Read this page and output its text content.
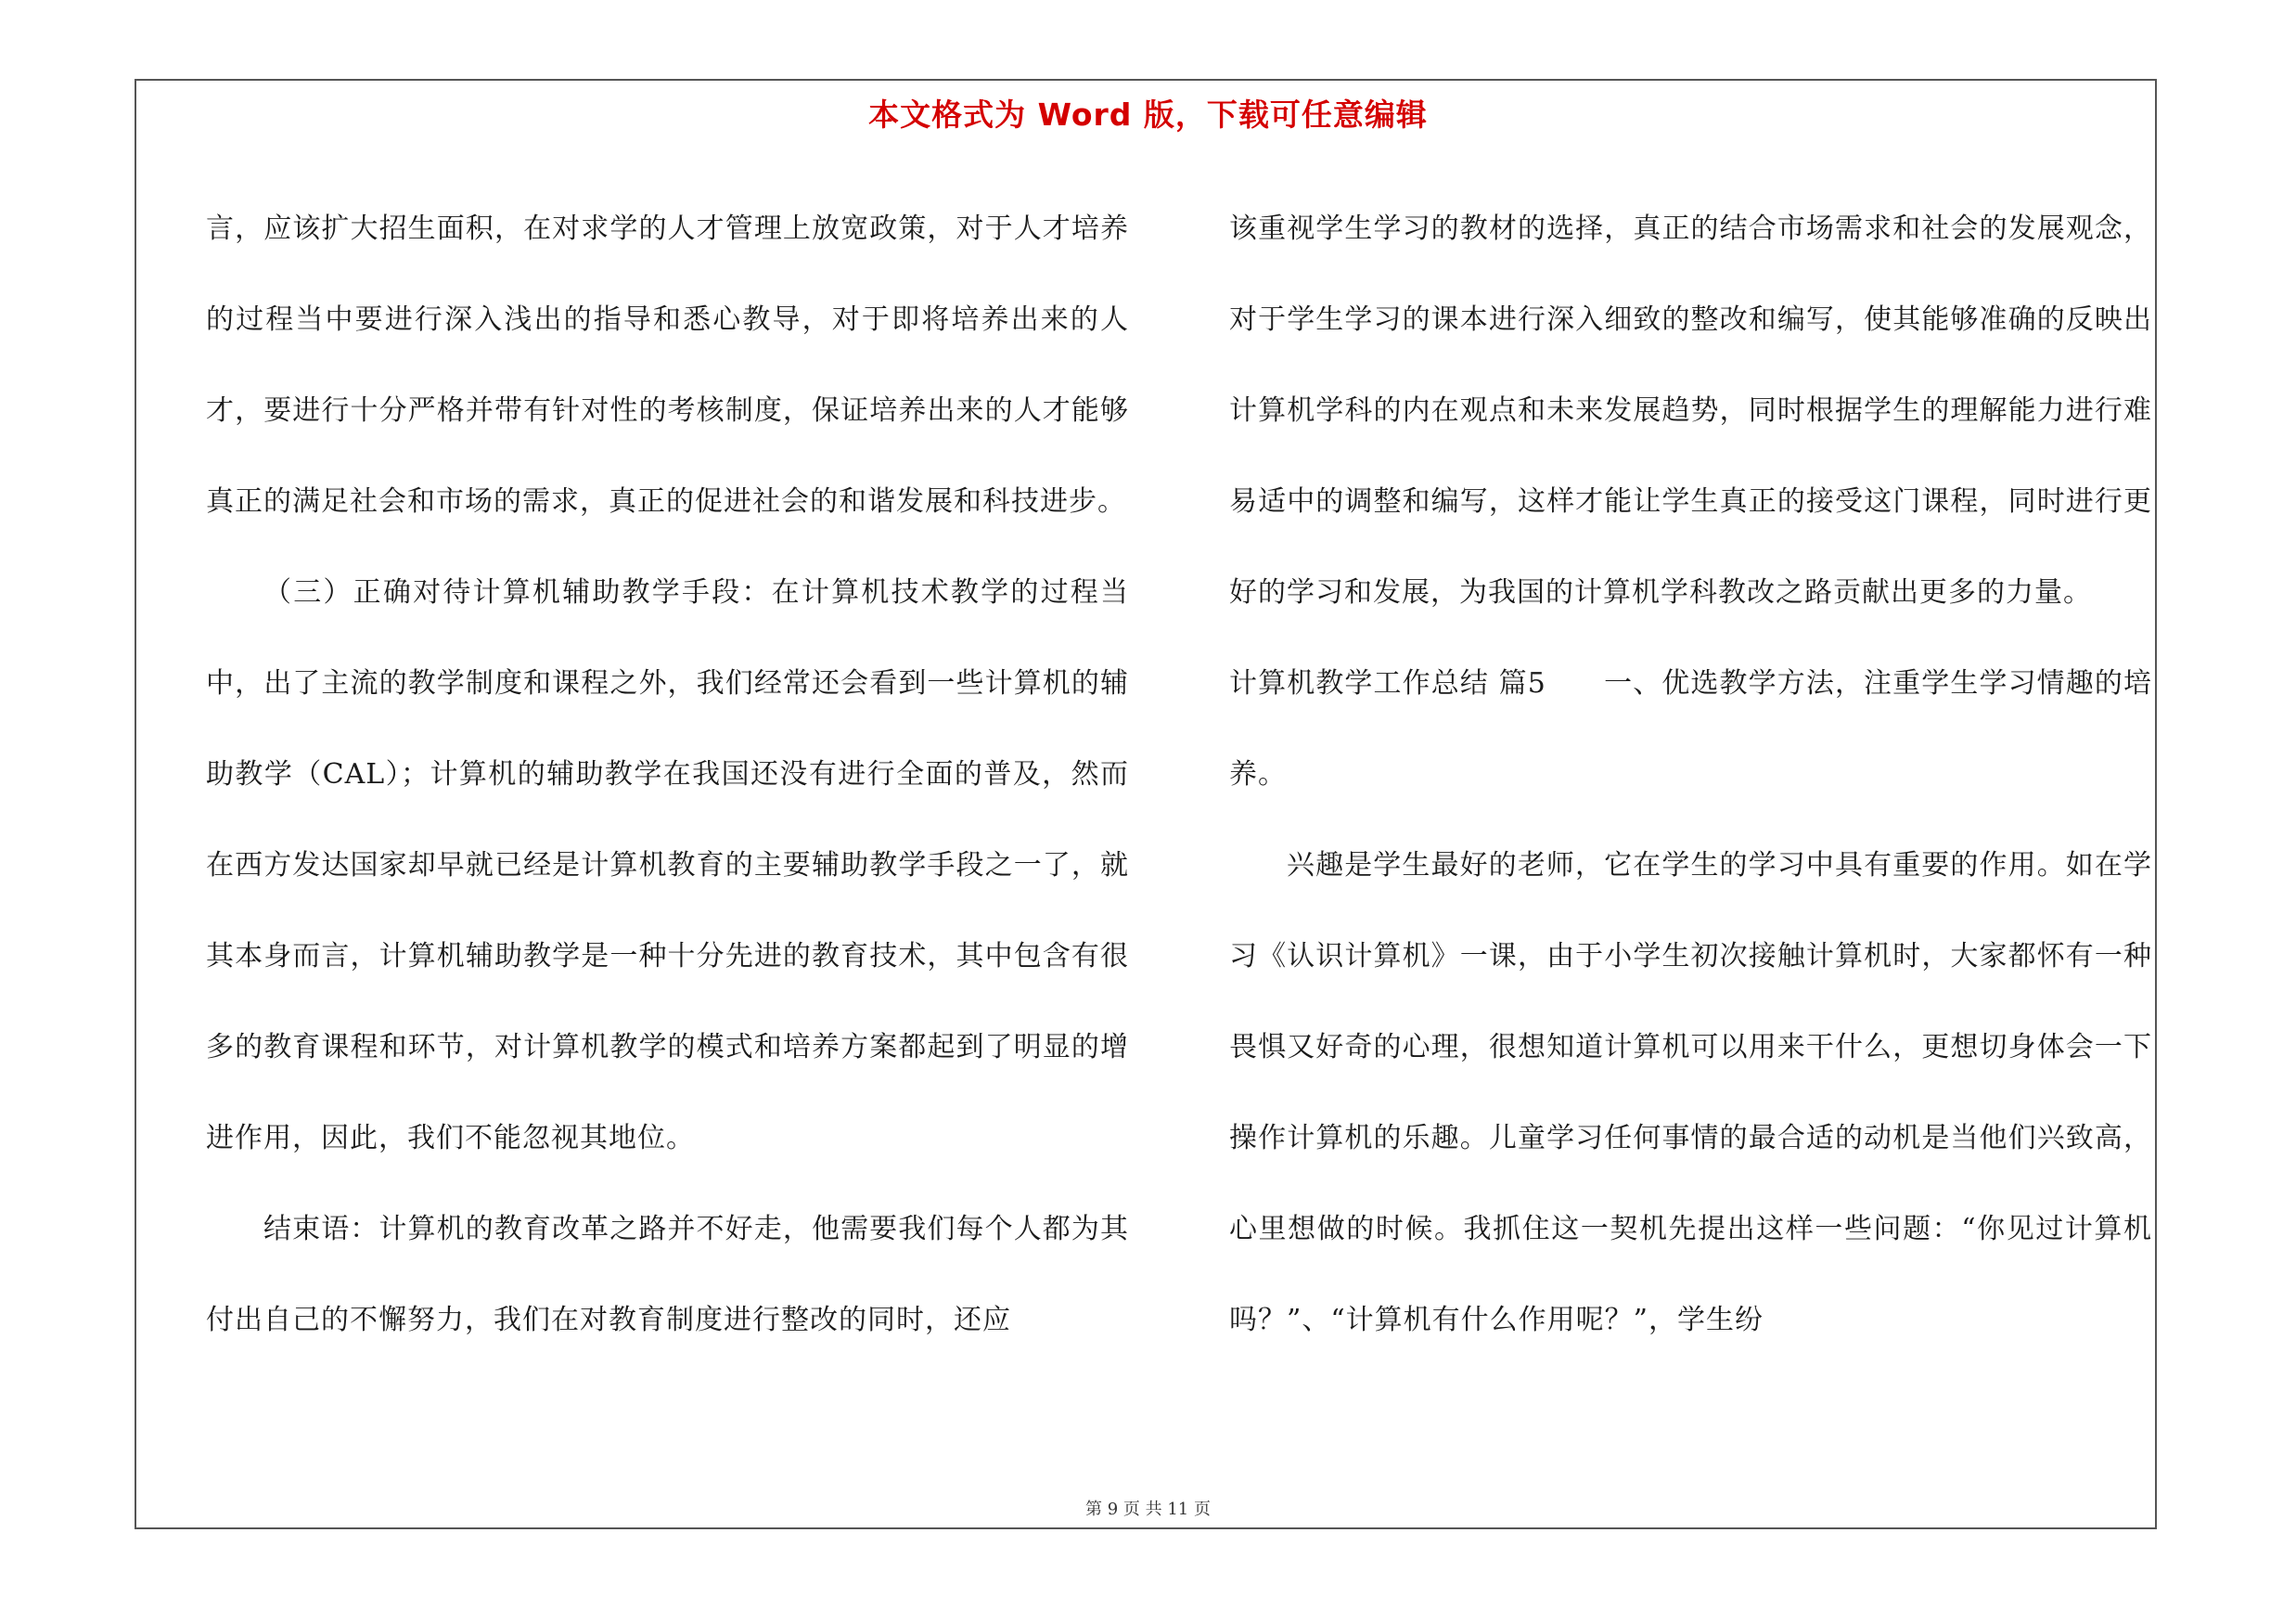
本文格式为 Word 版，下载可任意编辑

言，应该扩大招生面积，在对求学的人才管理上放宽政策，对于人才培养的过程当中要进行深入浅出的指导和悉心教导，对于即将培养出来的人才，要进行十分严格并带有针对性的考核制度，保证培养出来的人才能够真正的满足社会和市场的需求，真正的促进社会的和谐发展和科技进步。

（三）正确对待计算机辅助教学手段：在计算机技术教学的过程当中，出了主流的教学制度和课程之外，我们经常还会看到一些计算机的辅助教学（CAL）；计算机的辅助教学在我国还没有进行全面的普及，然而在西方发达国家却早就已经是计算机教育的主要辅助教学手段之一了，就其本身而言，计算机辅助教学是一种十分先进的教育技术，其中包含有很多的教育课程和环节，对计算机教学的模式和培养方案都起到了明显的增进作用，因此，我们不能忽视其地位。

结束语：计算机的教育改革之路并不好走，他需要我们每个人都为其付出自己的不懈努力，我们在对教育制度进行整改的同时，还应

该重视学生学习的教材的选择，真正的结合市场需求和社会的发展观念，对于学生学习的课本进行深入细致的整改和编写，使其能够准确的反映出计算机学科的内在观点和未来发展趋势，同时根据学生的理解能力进行难易适中的调整和编写，这样才能让学生真正的接受这门课程，同时进行更好的学习和发展，为我国的计算机学科教改之路贡献出更多的力量。

计算机教学工作总结 篇5　　一、优选教学方法，注重学生学习情趣的培养。

兴趣是学生最好的老师，它在学生的学习中具有重要的作用。如在学习《认识计算机》一课，由于小学生初次接触计算机时，大家都怀有一种畏惧又好奇的心理，很想知道计算机可以用来干什么，更想切身体会一下操作计算机的乐趣。儿童学习任何事情的最合适的动机是当他们兴致高，心里想做的时候。我抓住这一契机先提出这样一些问题：“你见过计算机吗？”、“计算机有什么作用呢？”，学生纷

第 9 页 共 11 页
